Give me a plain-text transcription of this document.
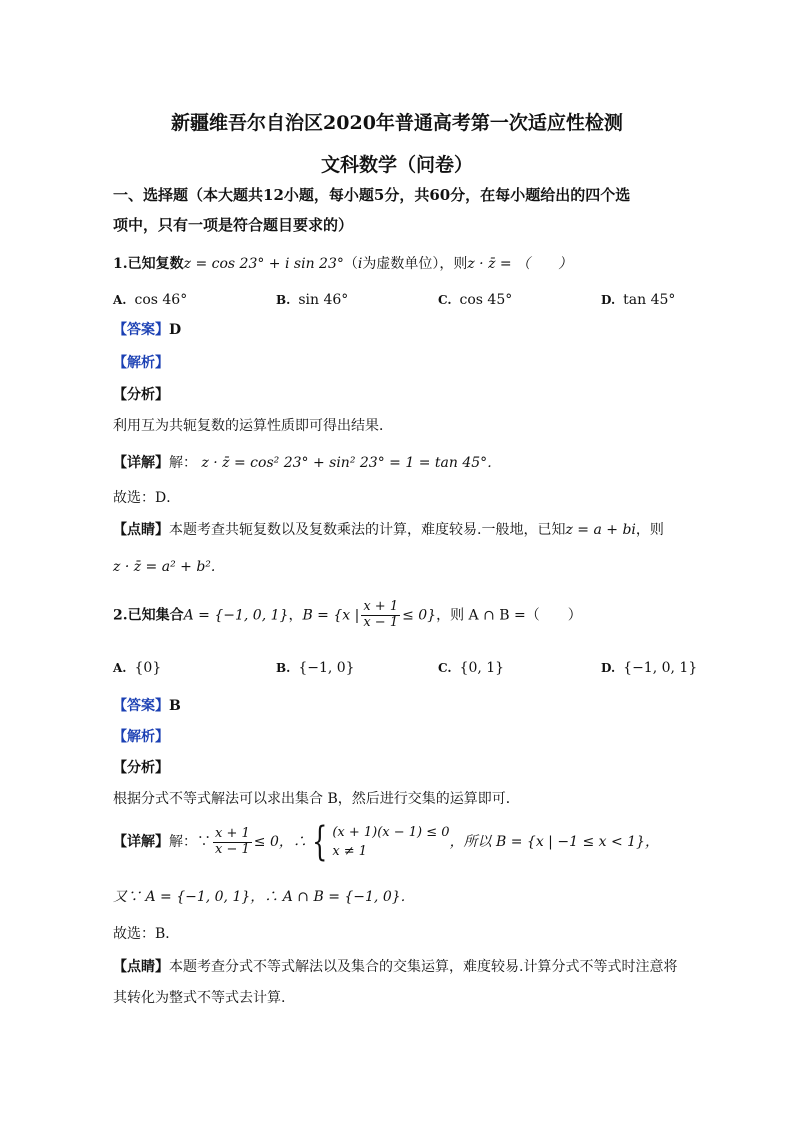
新疆维吾尔自治区2020年普通高考第一次适应性检测
文科数学（问卷）
一、选择题（本大题共12小题，每小题5分，共60分，在每小题给出的四个选
项中，只有一项是符合题目要求的）
1.已知复数z = cos 23° + i sin 23°（i为虚数单位），则z · z̄ = （　　）
A. cos 46°	B. sin 46°	C. cos 45°	D. tan 45°
【答案】D
【解析】
【分析】
利用互为共轭复数的运算性质即可得出结果．
【详解】解： z · z̄ = cos² 23° + sin² 23° = 1 = tan 45°．
故选：D．
【点睛】本题考查共轭复数以及复数乘法的计算，难度较易.一般地，已知z = a + bi，则
z · z̄ = a² + b².
2.已知集合A = {−1, 0, 1}，B = {x | $\frac{x + 1}{x - 1} \le 0$}，则 A ∩ B =（　　）
A. {0}	B. {−1, 0}	C. {0, 1}	D. {−1, 0, 1}
【答案】B
【解析】
【分析】
根据分式不等式解法可以求出集合 B，然后进行交集的运算即可．
【详解】解：∵ $\frac{x + 1}{x - 1} \le 0$，∴ { (x + 1)(x − 1) ≤ 0
x ≠ 1
，所以 B = {x | −1 ≤ x < 1}，
又∵ A = {−1, 0, 1}，∴ A ∩ B = {−1, 0}．
故选：B．
【点睛】本题考查分式不等式解法以及集合的交集运算，难度较易.计算分式不等式时注意将
其转化为整式不等式去计算.
